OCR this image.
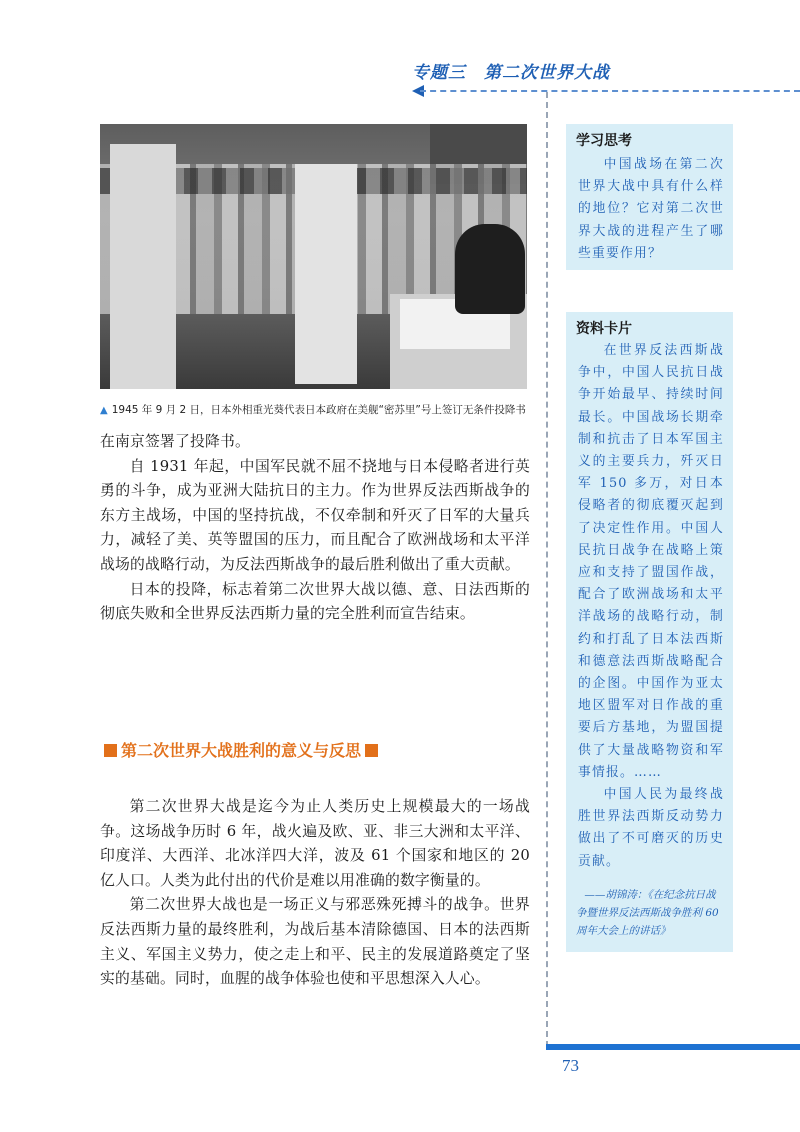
专题三　第二次世界大战
▲ 1945 年 9 月 2 日，日本外相重光葵代表日本政府在美舰“密苏里”号上签订无条件投降书

在南京签署了投降书。

自 1931 年起，中国军民就不屈不挠地与日本侵略者进行英勇的斗争，成为亚洲大陆抗日的主力。作为世界反法西斯战争的东方主战场，中国的坚持抗战，不仅牵制和歼灭了日军的大量兵力，减轻了美、英等盟国的压力，而且配合了欧洲战场和太平洋战场的战略行动，为反法西斯战争的最后胜利做出了重大贡献。

日本的投降，标志着第二次世界大战以德、意、日法西斯的彻底失败和全世界反法西斯力量的完全胜利而宣告结束。

第二次世界大战胜利的意义与反思

第二次世界大战是迄今为止人类历史上规模最大的一场战争。这场战争历时 6 年，战火遍及欧、亚、非三大洲和太平洋、印度洋、大西洋、北冰洋四大洋，波及 61 个国家和地区的 20 亿人口。人类为此付出的代价是难以用准确的数字衡量的。

第二次世界大战也是一场正义与邪恶殊死搏斗的战争。世界反法西斯力量的最终胜利，为战后基本清除德国、日本的法西斯主义、军国主义势力，使之走上和平、民主的发展道路奠定了坚实的基础。同时，血腥的战争体验也使和平思想深入人心。

学习思考

中国战场在第二次世界大战中具有什么样的地位？它对第二次世界大战的进程产生了哪些重要作用？

资料卡片

在世界反法西斯战争中，中国人民抗日战争开始最早、持续时间最长。中国战场长期牵制和抗击了日本军国主义的主要兵力，歼灭日军 150 多万，对日本侵略者的彻底覆灭起到了决定性作用。中国人民抗日战争在战略上策应和支持了盟国作战，配合了欧洲战场和太平洋战场的战略行动，制约和打乱了日本法西斯和德意法西斯战略配合的企图。中国作为亚太地区盟军对日作战的重要后方基地，为盟国提供了大量战略物资和军事情报。……

中国人民为最终战胜世界法西斯反动势力做出了不可磨灭的历史贡献。

——胡锦涛：《在纪念抗日战
争暨世界反法西斯战争胜利 60 周年大会上的讲话》
73
